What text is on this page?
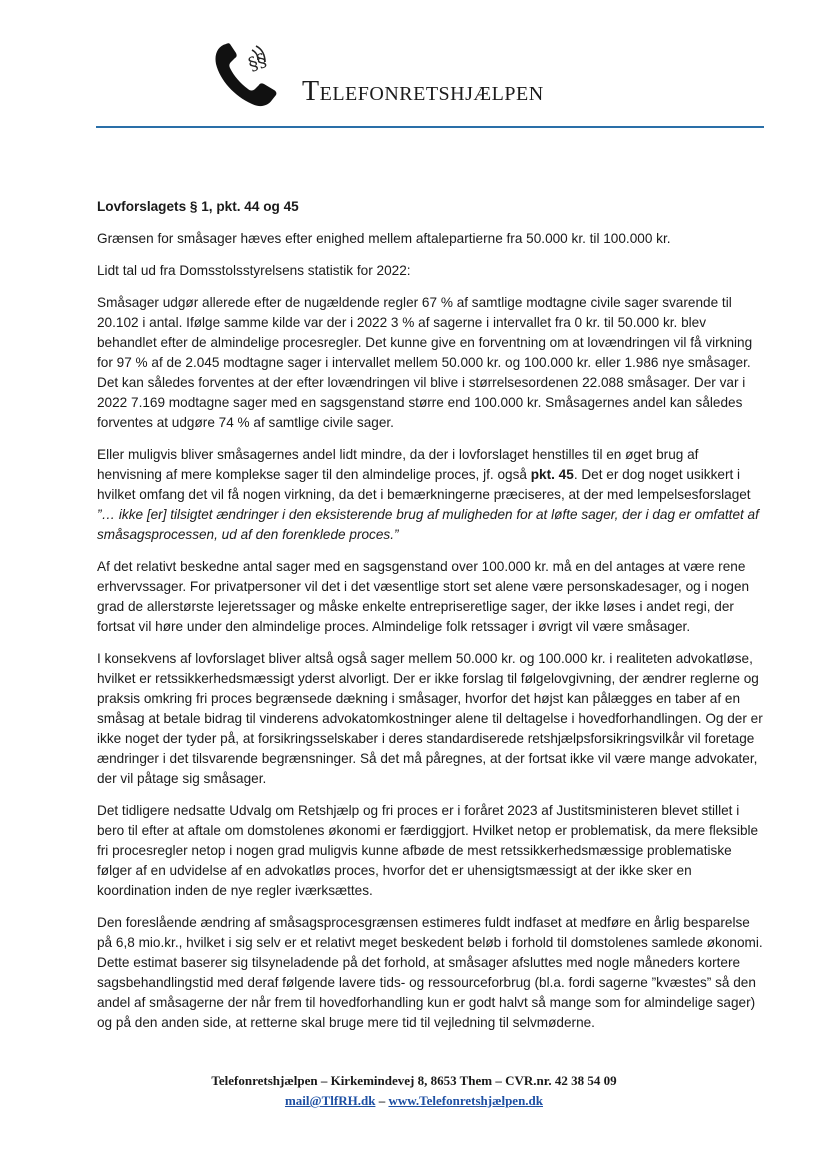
§§
Telefonretshjælpen

Lovforslagets § 1, pkt. 44 og 45

Grænsen for småsager hæves efter enighed mellem aftalepartierne fra 50.000 kr. til 100.000 kr.

Lidt tal ud fra Domsstolsstyrelsens statistik for 2022:

Småsager udgør allerede efter de nugældende regler 67 % af samtlige modtagne civile sager svarende til 20.102 i antal. Ifølge samme kilde var der i 2022 3 % af sagerne i intervallet fra 0 kr. til 50.000 kr. blev behandlet efter de almindelige procesregler. Det kunne give en forventning om at lovændringen vil få virkning for 97 % af de 2.045 modtagne sager i intervallet mellem 50.000 kr. og 100.000 kr. eller 1.986 nye småsager. Det kan således forventes at der efter lovændringen vil blive i størrelsesordenen 22.088 småsager. Der var i 2022 7.169 modtagne sager med en sagsgenstand større end 100.000 kr. Småsagernes andel kan således forventes at udgøre 74 % af samtlige civile sager.

Eller muligvis bliver småsagernes andel lidt mindre, da der i lovforslaget henstilles til en øget brug af henvisning af mere komplekse sager til den almindelige proces, jf. også pkt. 45. Det er dog noget usikkert i hvilket omfang det vil få nogen virkning, da det i bemærkningerne præciseres, at der med lempelsesforslaget ”… ikke [er] tilsigtet ændringer i den eksisterende brug af muligheden for at løfte sager, der i dag er omfattet af småsagsprocessen, ud af den forenklede proces.”

Af det relativt beskedne antal sager med en sagsgenstand over 100.000 kr. må en del antages at være rene erhvervssager. For privatpersoner vil det i det væsentlige stort set alene være personskadesager, og i nogen grad de allerstørste lejeretssager og måske enkelte entrepriseretlige sager, der ikke løses i andet regi, der fortsat vil høre under den almindelige proces. Almindelige folk retssager i øvrigt vil være småsager.

I konsekvens af lovforslaget bliver altså også sager mellem 50.000 kr. og 100.000 kr. i realiteten advokatløse, hvilket er retssikkerhedsmæssigt yderst alvorligt. Der er ikke forslag til følgelovgivning, der ændrer reglerne og praksis omkring fri proces begrænsede dækning i småsager, hvorfor det højst kan pålægges en taber af en småsag at betale bidrag til vinderens advokatomkostninger alene til deltagelse i hovedforhandlingen. Og der er ikke noget der tyder på, at forsikringsselskaber i deres standardiserede retshjælpsforsikringsvilkår vil foretage ændringer i det tilsvarende begrænsninger. Så det må påregnes, at der fortsat ikke vil være mange advokater, der vil påtage sig småsager.

Det tidligere nedsatte Udvalg om Retshjælp og fri proces er i foråret 2023 af Justitsministeren blevet stillet i bero til efter at aftale om domstolenes økonomi er færdiggjort. Hvilket netop er problematisk, da mere fleksible fri procesregler netop i nogen grad muligvis kunne afbøde de mest retssikkerhedsmæssige problematiske følger af en udvidelse af en advokatløs proces, hvorfor det er uhensigtsmæssigt at der ikke sker en koordination inden de nye regler iværksættes.

Den foreslående ændring af småsagsprocesgrænsen estimeres fuldt indfaset at medføre en årlig besparelse på 6,8 mio.kr., hvilket i sig selv er et relativt meget beskedent beløb i forhold til domstolenes samlede økonomi. Dette estimat baserer sig tilsyneladende på det forhold, at småsager afsluttes med nogle måneders kortere sagsbehandlingstid med deraf følgende lavere tids- og ressourceforbrug (bl.a. fordi sagerne ”kvæstes” så den andel af småsagerne der når frem til hovedforhandling kun er godt halvt så mange som for almindelige sager) og på den anden side, at retterne skal bruge mere tid til vejledning til selvmøderne.

Telefonretshjælpen – Kirkemindevej 8, 8653 Them – CVR.nr. 42 38 54 09
mail@TlfRH.dk – www.Telefonretshjælpen.dk
